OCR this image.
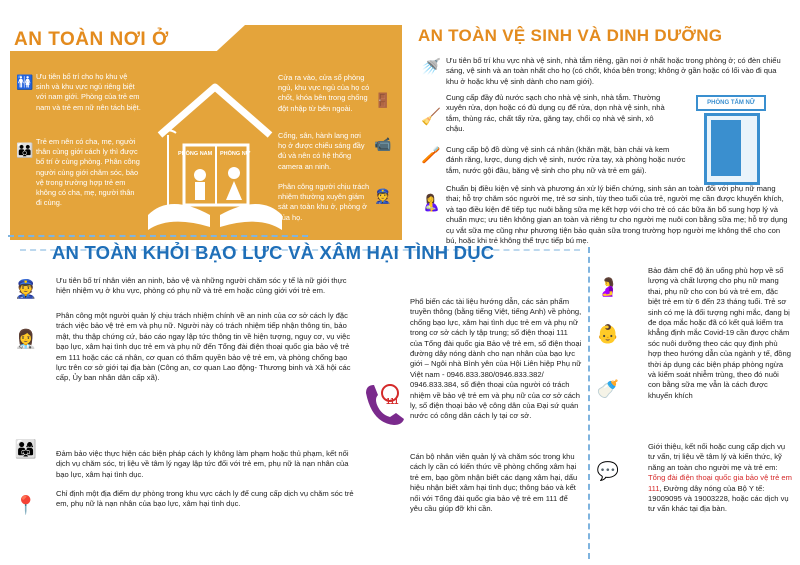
AN TOÀN NƠI Ở
🚻 Ưu tiên bố trí cho họ khu vệ sinh và khu vực ngủ riêng biệt với nam giới. Phòng của trẻ em nam và trẻ em nữ nên tách biệt.

👪

Trẻ em nên có cha, mẹ, người thân cùng giới cách ly thì được bố trí ở cùng phòng. Phân công người cùng giới chăm sóc, bảo vệ trong trường hợp trẻ em không có cha, mẹ, người thân đi cùng.

PHÒNG NAM PHÒNG NỮ

Cửa ra vào, cửa sổ phòng ngủ, khu vực ngủ của họ có chốt, khóa bên trong chống đột nhập từ bên ngoài.

🚪

Cổng, sân, hành lang nơi họ ở được chiếu sáng đầy đủ và nên có hệ thống camera an ninh.

📹

Phân công người chịu trách nhiệm thường xuyên giám sát an toàn khu ở, phòng ở của họ.

👮
AN TOÀN VỆ SINH VÀ DINH DƯỠNG
🚿 Ưu tiên bố trí khu vực nhà vệ sinh, nhà tắm riêng, gần nơi ở nhất hoặc trong phòng ở; có đèn chiếu sáng, vệ sinh và an toàn nhất cho họ (có chốt, khóa bên trong; không ở gần hoặc có lối vào đi qua khu ở hoặc khu vệ sinh dành cho nam giới).

🧹

Cung cấp đầy đủ nước sạch cho nhà vệ sinh, nhà tắm. Thường xuyên rửa, dọn hoặc có đủ dụng cụ để rửa, dọn nhà vệ sinh, nhà tắm, thùng rác, chất tẩy rửa, găng tay, chổi cọ nhà vệ sinh, xô chậu.

PHÒNG TẮM NỮ
🪥 Cung cấp bộ đồ dùng vệ sinh cá nhân (khăn mặt, bàn chải và kem đánh răng, lược, dung dịch vệ sinh, nước rửa tay, xà phòng hoặc nước tắm, nước gội đầu, băng vệ sinh cho phụ nữ và trẻ em gái).

🤱

Chuẩn bị điều kiện vệ sinh và phương án xử lý biến chứng, sinh sản an toàn đối với phụ nữ mang thai; hỗ trợ chăm sóc người mẹ, trẻ sơ sinh, tùy theo tuổi của trẻ, người mẹ cần được khuyến khích, và tạo điều kiện để tiếp tục nuôi bằng sữa mẹ kết hợp với cho trẻ có các bữa ăn bổ sung hợp lý và chuẩn mực; ưu tiên không gian an toàn và riêng tư cho người mẹ nuôi con bằng sữa mẹ; hỗ trợ dụng cụ vắt sữa mẹ cũng như phương tiện bảo quản sữa trong trường hợp người mẹ không thể cho con bú, hoặc khi trẻ không thể trực tiếp bú mẹ.

AN TOÀN KHỎI BẠO LỰC VÀ XÂM HẠI TÌNH DỤC
👮
👩‍⚕️
👨‍👩‍👧
📍

Ưu tiên bố trí nhân viên an ninh, bảo vệ và những người chăm sóc y tế là nữ giới thực hiện nhiệm vụ ở khu vực, phòng có phụ nữ và trẻ em hoặc cùng giới với trẻ em.

Phân công một người quản lý chịu trách nhiệm chính về an ninh của cơ sở cách ly đặc trách việc bảo vệ trẻ em và phụ nữ. Người này có trách nhiệm tiếp nhận thông tin, bảo mật, thu thập chứng cứ, báo cáo ngay lập tức thông tin về hiện tượng, nguy cơ, vụ việc bạo lực, xâm hại tình dục trẻ em và phụ nữ đến Tổng đài điện thoại quốc gia bảo vệ trẻ em 111 hoặc các cá nhân, cơ quan có thẩm quyền bảo vệ trẻ em, và phòng chống bạo lực trên cơ sở giới tại địa bàn (Công an, cơ quan Lao động- Thương binh và Xã hội các cấp, Ủy ban nhân dân cấp xã).

Đảm bảo việc thực hiện các biện pháp cách ly không làm phạm hoặc thủ phạm, kết nối dịch vụ chăm sóc, trị liệu về tâm lý ngay lập tức đối với trẻ em, phụ nữ là nạn nhân của bạo lực, xâm hại tình dục.

Chỉ định một địa điểm dự phòng trong khu vực cách ly để cung cấp dịch vụ chăm sóc trẻ em, phụ nữ là nạn nhân của bạo lực, xâm hại tình dục.

111

Phổ biến các tài liệu hướng dẫn, các sản phẩm truyền thông (bằng tiếng Việt, tiếng Anh) về phòng, chống bạo lực, xâm hại tình dục trẻ em và phụ nữ trong cơ sở cách ly tập trung; số điện thoại 111 của Tổng đài quốc gia Bảo vệ trẻ em, số điện thoại đường dây nóng dành cho nạn nhân của bạo lực giới – Ngôi nhà Bình yên của Hội Liên hiệp Phụ nữ Việt nam - 0946.833.380/0946.833.382/ 0946.833.384, số điện thoại của người có trách nhiệm về bảo vệ trẻ em và phụ nữ của cơ sở cách ly, số điện thoại bảo vệ công dân của Đại sứ quán nước có công dân cách ly tại cơ sở.

Cán bộ nhân viên quản lý và chăm sóc trong khu cách ly cần có kiến thức về phòng chống xâm hại trẻ em, bạo gồm nhận biết các dạng xâm hại, dấu hiệu nhận biết xâm hại tình dục; thông báo và kết nối với Tổng đài quốc gia bảo vệ trẻ em 111 để yêu cầu giúp đỡ khi cần.

🤰
👶
🍼
💬

Bảo đảm chế độ ăn uống phù hợp về số lượng và chất lượng cho phụ nữ mang thai, phụ nữ cho con bú và trẻ em, đặc biệt trẻ em từ 6 đến 23 tháng tuổi. Trẻ sơ sinh có mẹ là đối tượng nghi mắc, đang bị đe dọa mắc hoặc đã có kết quả kiểm tra khẳng định mắc Covid-19 cần được chăm sóc nuôi dưỡng theo các quy định phù hợp theo hướng dẫn của ngành y tế, đồng thời áp dụng các biện pháp phòng ngừa và kiểm soát nhiễm trùng, theo đó nuôi con bằng sữa mẹ vẫn là cách được khuyến khích

Giới thiệu, kết nối hoặc cung cấp dịch vụ tư vấn, trị liệu về tâm lý và kiến thức, kỹ năng an toàn cho người mẹ và trẻ em: Tổng đài điện thoại quốc gia bảo vệ trẻ em 111, Đường dây nóng của Bộ Y tế: 19009095 và 19003228, hoặc các dịch vụ tư vấn khác tại địa bàn.
